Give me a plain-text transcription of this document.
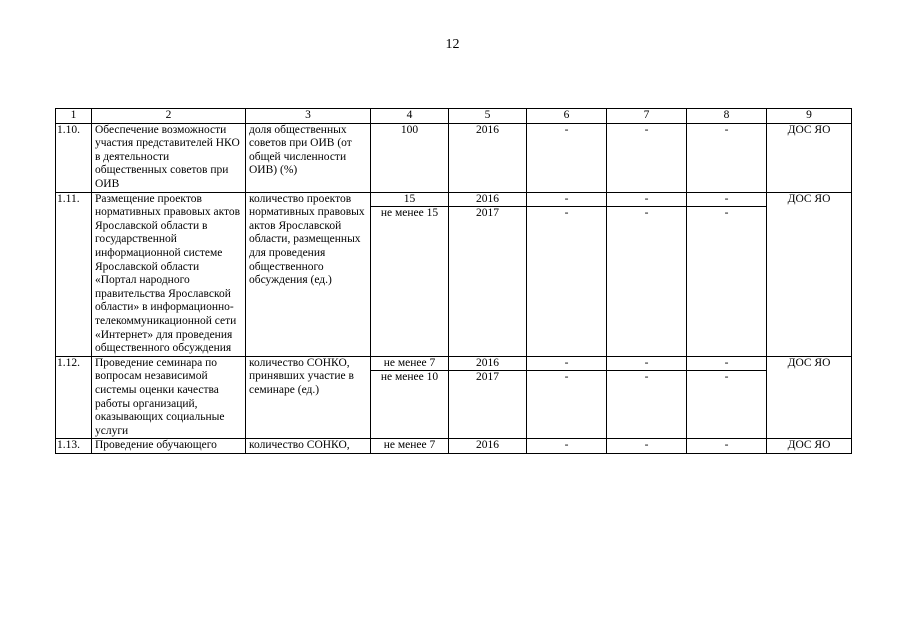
12
1	2	3	4	5	6	7	8	9
1.10.	Обеспечение возможности участия представителей НКО в деятельности общественных советов при ОИВ	доля общественных советов при ОИВ (от общей численности ОИВ) (%)	100	2016	-	-	-	ДОС ЯО
1.11.	Размещение проектов нормативных правовых актов Ярославской области в государственной информационной системе Ярославской области «Портал народного правительства Ярославской области» в информационно-телекоммуникационной сети «Интернет» для проведения общественного обсуждения	количество проектов нормативных правовых актов Ярославской области, размещенных для проведения общественного обсуждения (ед.)	15	2016	-	-	-	ДОС ЯО
			не менее 15	2017	-	-	-	
1.12.	Проведение семинара по вопросам независимой системы оценки качества работы организаций, оказывающих социальные услуги	количество СОНКО, принявших участие в семинаре (ед.)	не менее 7	2016	-	-	-	ДОС ЯО
			не менее 10	2017	-	-	-	
1.13.	Проведение обучающего	количество СОНКО,	не менее 7	2016	-	-	-	ДОС ЯО
